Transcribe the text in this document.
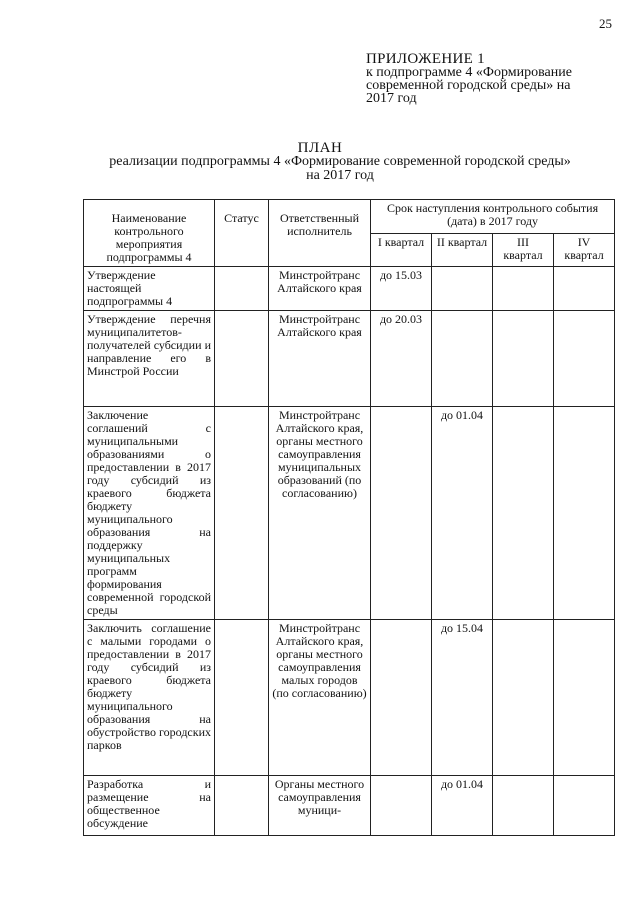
25
ПРИЛОЖЕНИЕ 1
к подпрограмме 4 «Формирование
современной городской среды» на
2017 год
ПЛАН
реализации подпрограммы 4 «Формирование современной городской среды»
на 2017 год
Наименование контрольного мероприятия подпрограммы 4	Статус	Ответственный исполнитель	Срок наступления контрольного события (дата) в 2017 году			
			I квартал	II квартал	III квартал	IV квартал
Утверждение настоящей подпрограммы 4		Минстройтранс Алтайского края	до 15.03			
Утверждение перечня муниципалитетов-получателей субсидии и направление его в Минстрой России		Минстройтранс Алтайского края	до 20.03			
Заключение соглашений с муниципальными образованиями о предоставлении в 2017 году субсидий из краевого бюджета бюджету муниципального образования на поддержку муниципальных программ формирования современной городской среды		Минстройтранс Алтайского края, органы местного самоуправления муниципальных образований (по согласованию)		до 01.04		
Заключить соглашение с малыми городами о предоставлении в 2017 году субсидий из краевого бюджета бюджету муниципального образования на обустройство городских парков		Минстройтранс Алтайского края, органы местного самоуправления малых городов (по согласованию)		до 15.04		
Разработка и размещение на общественное обсуждение		Органы местного самоуправления муници-		до 01.04		
